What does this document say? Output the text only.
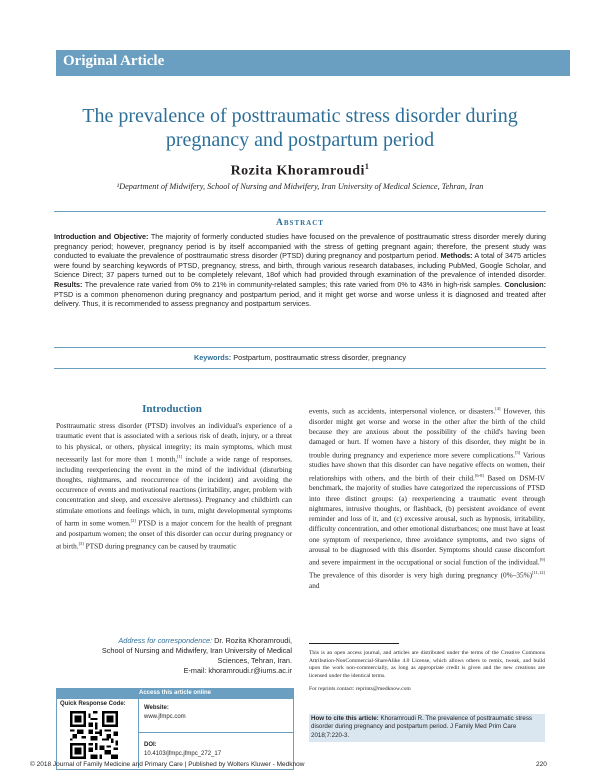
Original Article
The prevalence of posttraumatic stress disorder during pregnancy and postpartum period
Rozita Khoramroudi$^1$
¹Department of Midwifery, School of Nursing and Midwifery, Iran University of Medical Science, Tehran, Iran
Abstract
Introduction and Objective: The majority of formerly conducted studies have focused on the prevalence of posttraumatic stress disorder merely during pregnancy period; however, pregnancy period is by itself accompanied with the stress of getting pregnant again; therefore, the present study was conducted to evaluate the prevalence of posttraumatic stress disorder (PTSD) during pregnancy and postpartum period. Methods: A total of 3475 articles were found by searching keywords of PTSD, pregnancy, stress, and birth, through various research databases, including PubMed, Google Scholar, and Science Direct; 37 papers turned out to be completely relevant, 18of which had provided through examination of the prevalence of intended disorder. Results: The prevalence rate varied from 0% to 21% in community-related samples; this rate varied from 0% to 43% in high-risk samples. Conclusion: PTSD is a common phenomenon during pregnancy and postpartum period, and it might get worse and worse unless it is diagnosed and treated after delivery. Thus, it is recommended to assess pregnancy and postpartum services.
Keywords: Postpartum, posttraumatic stress disorder, pregnancy
Introduction

Posttraumatic stress disorder (PTSD) involves an individual's experience of a traumatic event that is associated with a serious risk of death, injury, or a threat to his physical, or others, physical integrity; its main symptoms, which must necessarily last for more than 1 month,[1] include a wide range of responses, including reexperiencing the event in the mind of the individual (disturbing thoughts, nightmares, and reoccurrence of the incident) and avoiding the occurrence of events and motivational reactions (irritability, anger, problem with concentration and sleep, and excessive alertness). Pregnancy and childbirth can stimulate emotions and feelings which, in turn, might developmental symptoms of harm in some women.[2] PTSD is a major concern for the health of pregnant and postpartum women; the onset of this disorder can occur during pregnancy or at birth.[3] PTSD during pregnancy can be caused by traumatic

events, such as accidents, interpersonal violence, or disasters.[4] However, this disorder might get worse and worse in the other after the birth of the child because they are anxious about the possibility of the child's having been damaged or hurt. If women have a history of this disorder, they might be in trouble during pregnancy and experience more severe complications.[5] Various studies have shown that this disorder can have negative effects on women, their relationships with others, and the birth of their child.[6-8] Based on DSM-IV benchmark, the majority of studies have categorized the repercussions of PTSD into three distinct groups: (a) reexperiencing a traumatic event through nightmares, intrusive thoughts, or flashback, (b) persistent avoidance of event reminder and loss of it, and (c) excessive arousal, such as hypnosis, irritability, difficulty concentration, and other emotional disturbances; one must have at least one symptom of reexperience, three avoidance symptoms, and two signs of arousal to be diagnosed with this disorder. Symptoms should cause discomfort and severe impairment in the occupational or social function of the individual.[9] The prevalence of this disorder is very high during pregnancy (0%–35%)[11,12] and

Address for correspondence: Dr. Rozita Khoramroudi,
School of Nursing and Midwifery, Iran University of Medical
Sciences, Tehran, Iran.
E-mail: khoramroudi.r@iums.ac.ir
Access this article online
Quick Response Code:
Website:
www.jfmpc.com
DOI:
10.4103/jfmpc.jfmpc_272_17
This is an open access journal, and articles are distributed under the terms of the Creative Commons Attribution-NonCommercial-ShareAlike 4.0 License, which allows others to remix, tweak, and build upon the work non-commercially, as long as appropriate credit is given and the new creations are licensed under the identical terms.
For reprints contact: reprints@medknow.com
How to cite this article: Khoramroudi R. The prevalence of posttraumatic stress disorder during pregnancy and postpartum period. J Family Med Prim Care 2018;7:220-3.
© 2018 Journal of Family Medicine and Primary Care | Published by Wolters Kluwer - Medknow	220
